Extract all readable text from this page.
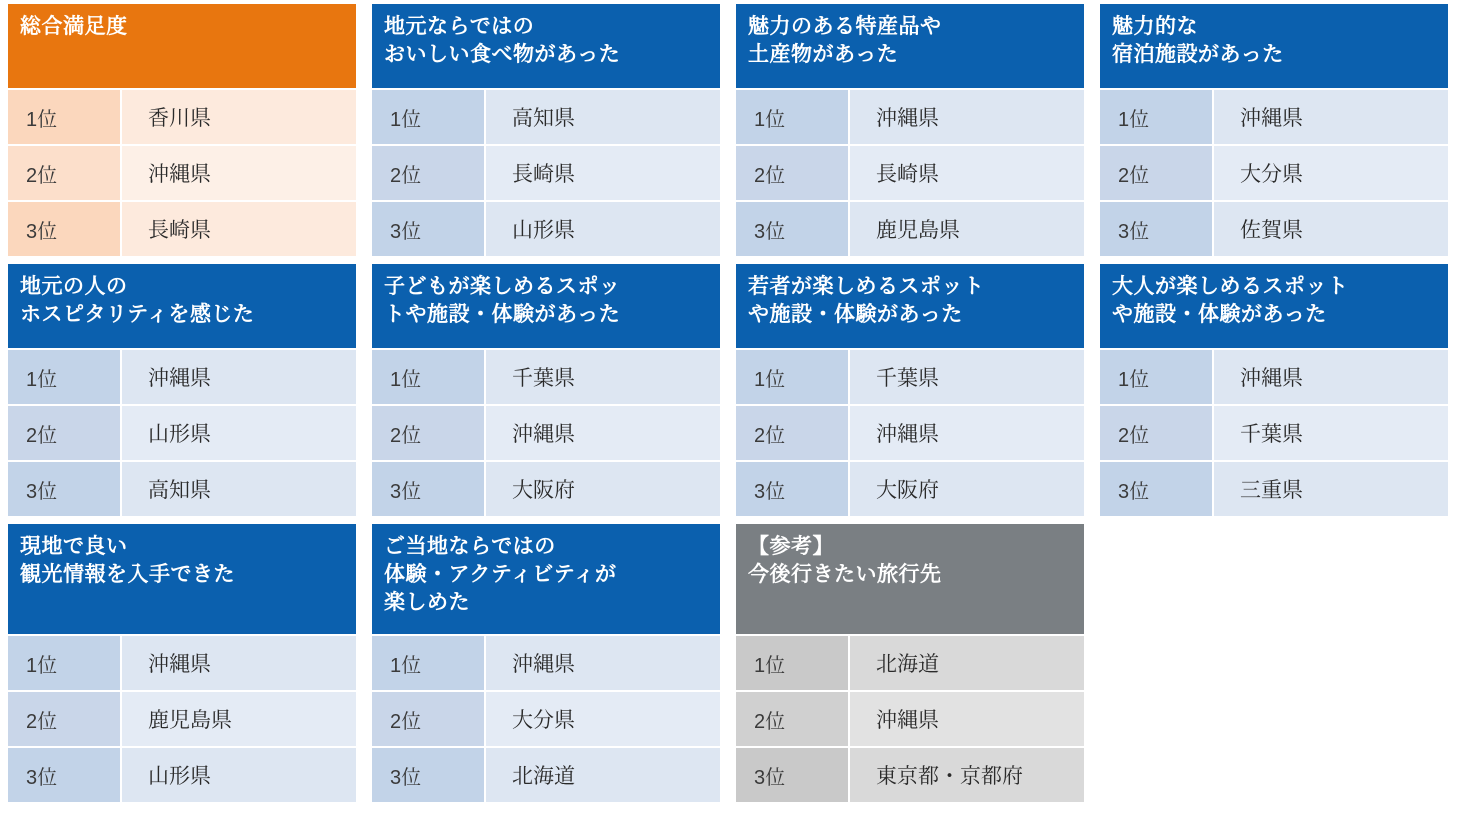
総合満足度
1位	香川県
2位	沖縄県
3位	長崎県
地元ならではの
おいしい食べ物があった
1位	高知県
2位	長崎県
3位	山形県
魅力のある特産品や
土産物があった
1位	沖縄県
2位	長崎県
3位	鹿児島県
魅力的な
宿泊施設があった
1位	沖縄県
2位	大分県
3位	佐賀県
地元の人の
ホスピタリティを感じた
1位	沖縄県
2位	山形県
3位	高知県
子どもが楽しめるスポッ
トや施設・体験があった
1位	千葉県
2位	沖縄県
3位	大阪府
若者が楽しめるスポット
や施設・体験があった
1位	千葉県
2位	沖縄県
3位	大阪府
大人が楽しめるスポット
や施設・体験があった
1位	沖縄県
2位	千葉県
3位	三重県
現地で良い
観光情報を入手できた
1位	沖縄県
2位	鹿児島県
3位	山形県
ご当地ならではの
体験・アクティビティが
楽しめた
1位	沖縄県
2位	大分県
3位	北海道
【参考】
今後行きたい旅行先
1位	北海道
2位	沖縄県
3位	東京都・京都府
